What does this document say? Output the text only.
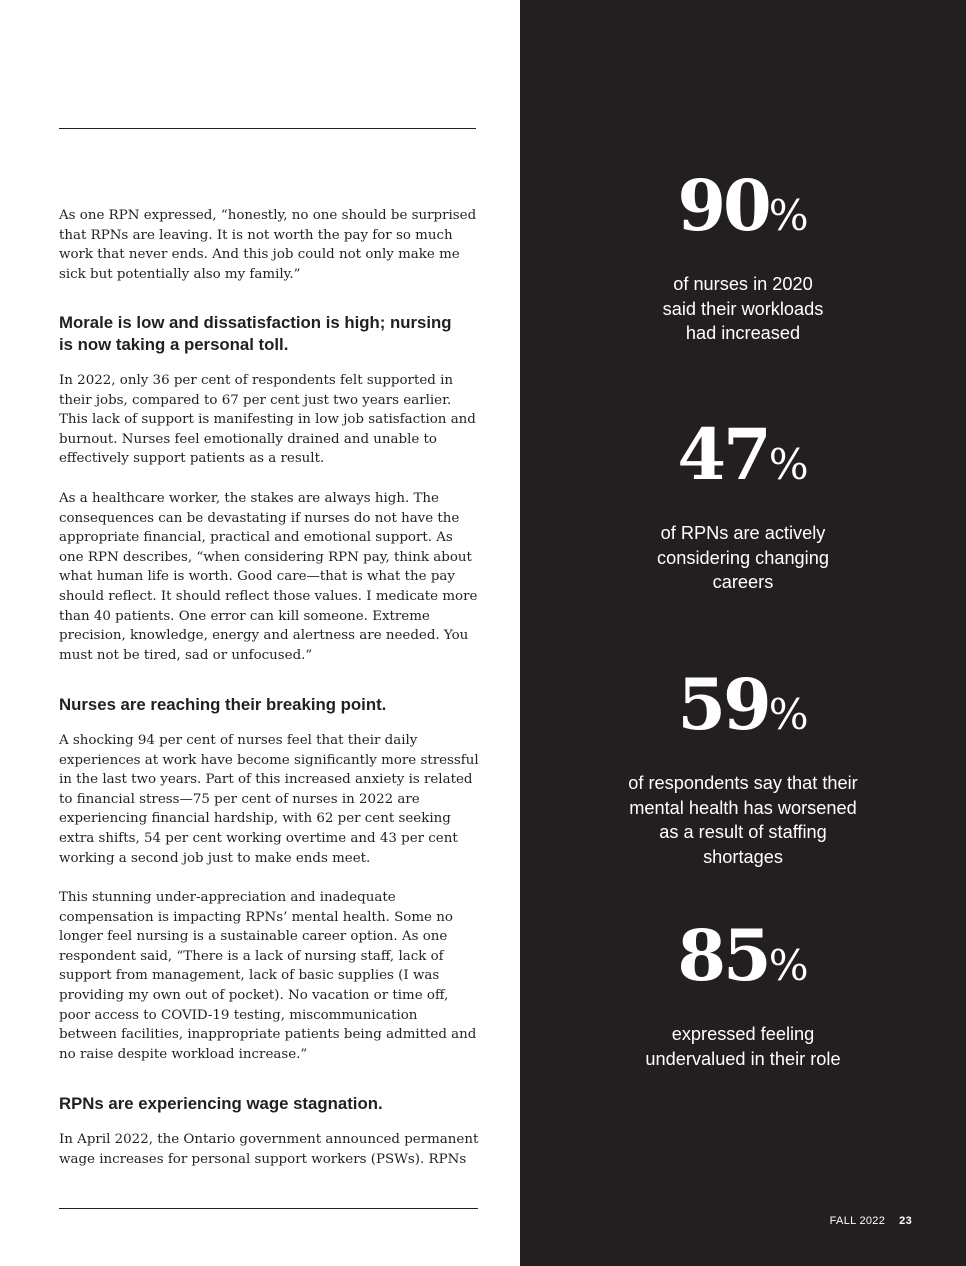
As one RPN expressed, “honestly, no one should be surprised that RPNs are leaving. It is not worth the pay for so much work that never ends. And this job could not only make me sick but potentially also my family.”

Morale is low and dissatisfaction is high; nursing is now taking a personal toll.

In 2022, only 36 per cent of respondents felt supported in their jobs, compared to 67 per cent just two years earlier. This lack of support is manifesting in low job satisfaction and burnout. Nurses feel emotionally drained and unable to effectively support patients as a result.

As a healthcare worker, the stakes are always high. The consequences can be devastating if nurses do not have the appropriate financial, practical and emotional support. As one RPN describes, “when considering RPN pay, think about what human life is worth. Good care—that is what the pay should reflect. It should reflect those values. I medicate more than 40 patients. One error can kill someone. Extreme precision, knowledge, energy and alertness are needed. You must not be tired, sad or unfocused.”

Nurses are reaching their breaking point.

A shocking 94 per cent of nurses feel that their daily experiences at work have become significantly more stressful in the last two years. Part of this increased anxiety is related to financial stress—75 per cent of nurses in 2022 are experiencing financial hardship, with 62 per cent seeking extra shifts, 54 per cent working overtime and 43 per cent working a second job just to make ends meet.

This stunning under-appreciation and inadequate compensation is impacting RPNs’ mental health. Some no longer feel nursing is a sustainable career option. As one respondent said, “There is a lack of nursing staff, lack of support from management, lack of basic supplies (I was providing my own out of pocket). No vacation or time off, poor access to COVID-19 testing, miscommunication between facilities, inappropriate patients being admitted and no raise despite workload increase.”

RPNs are experiencing wage stagnation.

In April 2022, the Ontario government announced permanent wage increases for personal support workers (PSWs). RPNs

90%
of nurses in 2020 said their workloads had increased
47%
of RPNs are actively considering changing careers
59%
of respondents say that their mental health has worsened as a result of staffing shortages
85%
expressed feeling undervalued in their role
FALL 2022 23
